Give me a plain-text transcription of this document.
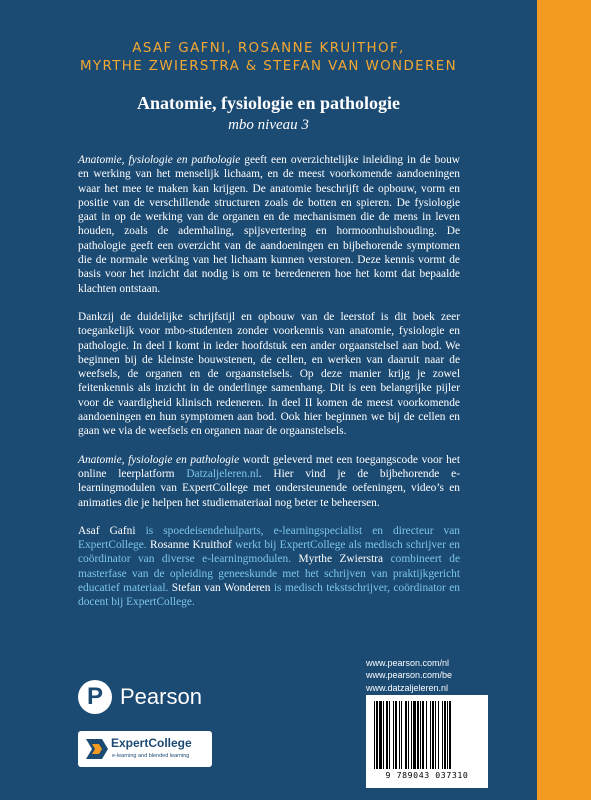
ASAF GAFNI, ROSANNE KRUITHOF,
MYRTHE ZWIERSTRA & STEFAN VAN WONDEREN
Anatomie, fysiologie en pathologie
mbo niveau 3

Anatomie, fysiologie en pathologie geeft een overzichtelijke inleiding in de bouw en werking van het menselijk lichaam, en de meest voorkomende aandoeningen waar het mee te maken kan krijgen. De anatomie beschrijft de opbouw, vorm en positie van de verschillende structuren zoals de botten en spieren. De fysiologie gaat in op de werking van de organen en de mechanismen die de mens in leven houden, zoals de ademhaling, spijsvertering en hormoonhuishouding. De pathologie geeft een overzicht van de aandoeningen en bijbehorende symptomen die de normale werking van het lichaam kunnen verstoren. Deze kennis vormt de basis voor het inzicht dat nodig is om te beredeneren hoe het komt dat bepaalde klachten ontstaan.

Dankzij de duidelijke schrijfstijl en opbouw van de leerstof is dit boek zeer toegankelijk voor mbo-studenten zonder voorkennis van anatomie, fysiologie en pathologie. In deel I komt in ieder hoofdstuk een ander orgaanstelsel aan bod. We beginnen bij de kleinste bouwstenen, de cellen, en werken van daaruit naar de weefsels, de organen en de orgaanstelsels. Op deze manier krijg je zowel feitenkennis als inzicht in de onderlinge samenhang. Dit is een belangrijke pijler voor de vaardigheid klinisch redeneren. In deel II komen de meest voorkomende aandoeningen en hun symptomen aan bod. Ook hier beginnen we bij de cellen en gaan we via de weefsels en organen naar de orgaanstelsels.

Anatomie, fysiologie en pathologie wordt geleverd met een toegangscode voor het online leerplatform Datzaljeleren.nl. Hier vind je de bijbehorende e-learningmodulen van ExpertCollege met ondersteunende oefeningen, video’s en animaties die je helpen het studiemateriaal nog beter te beheersen.

Asaf Gafni is spoedeisendehulparts, e-learningspecialist en directeur van ExpertCollege. Rosanne Kruithof werkt bij ExpertCollege als medisch schrijver en coördinator van diverse e-learningmodulen. Myrthe Zwierstra combineert de masterfase van de opleiding geneeskunde met het schrijven van praktijkgericht educatief materiaal. Stefan van Wonderen is medisch tekstschrijver, coördinator en docent bij ExpertCollege.

www.pearson.com/nl
www.pearson.com/be
www.datzaljeleren.nl
P Pearson
ExpertCollege
e-learning and blended learning
9 789043 037310
